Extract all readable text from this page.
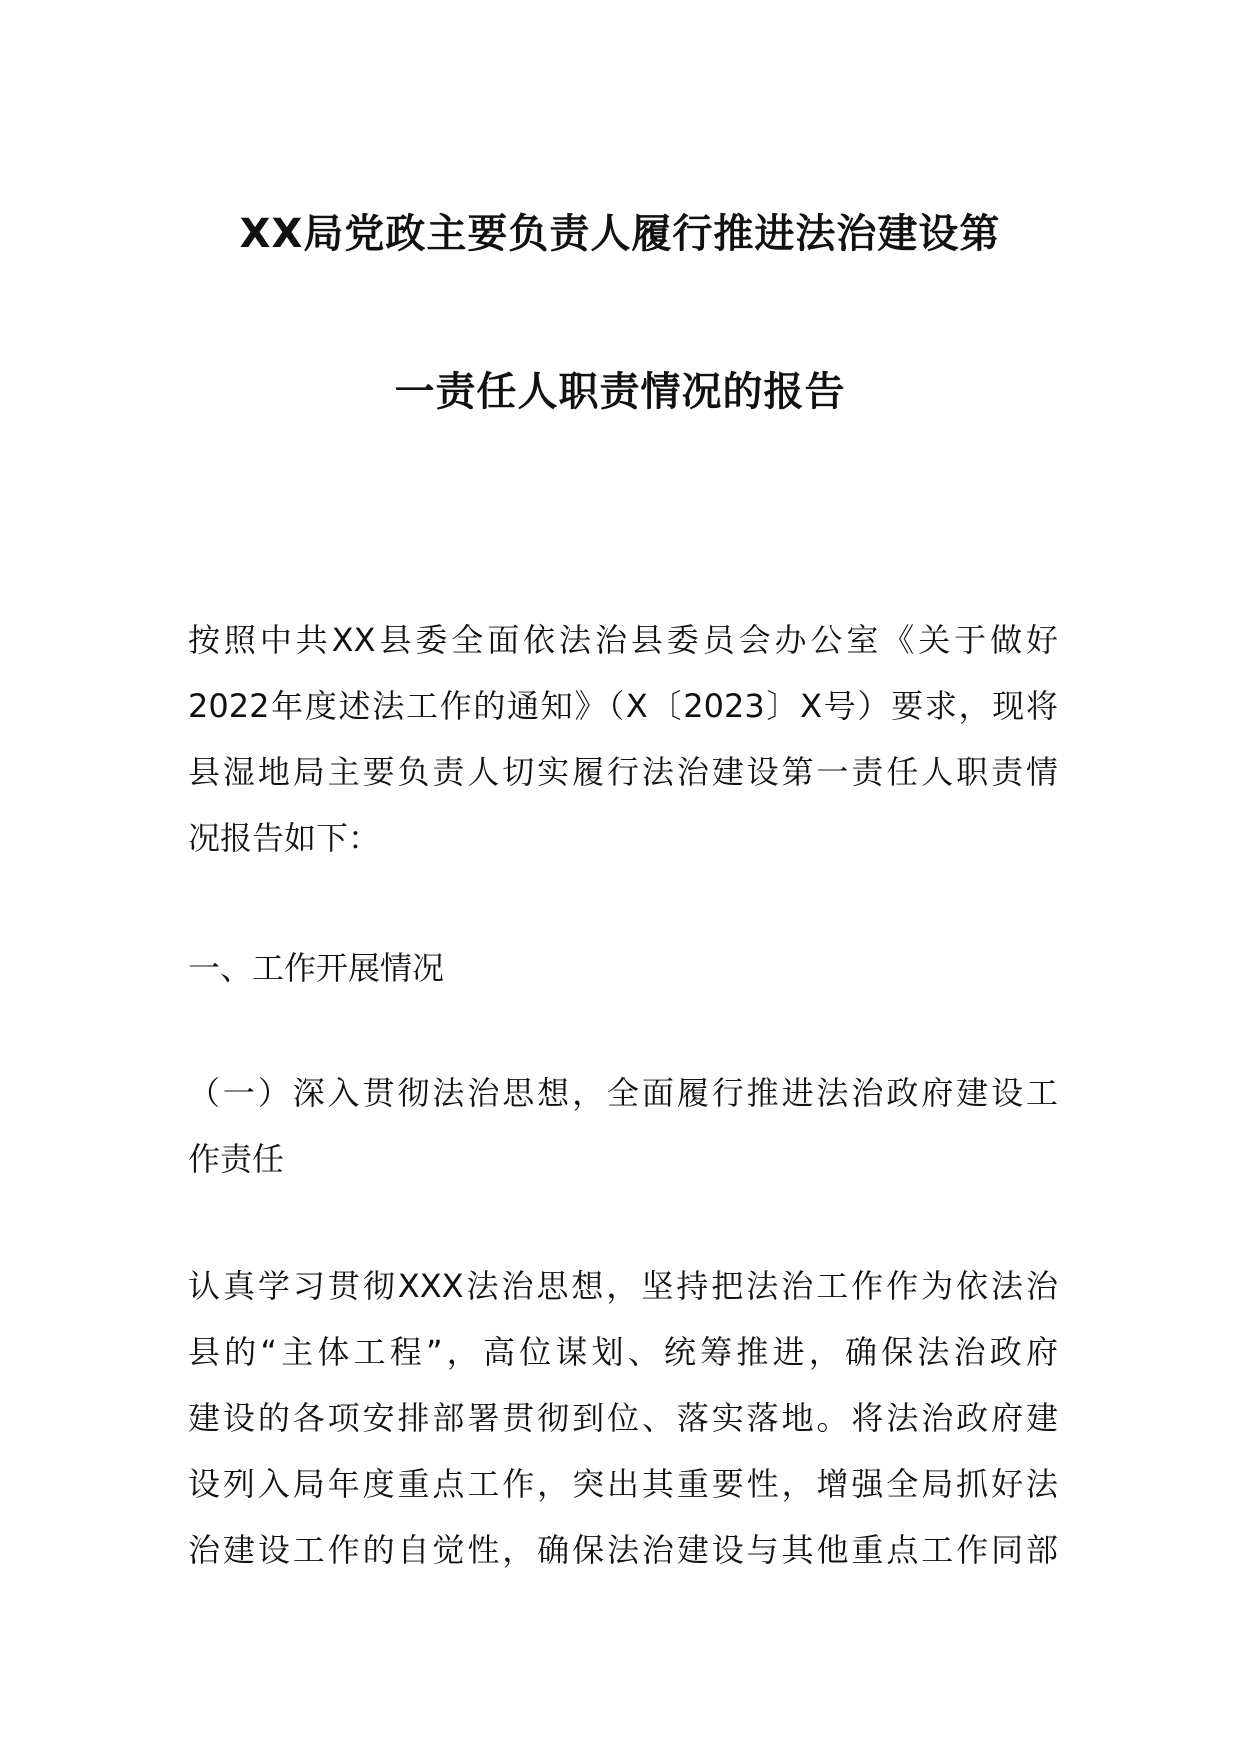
XX局党政主要负责人履行推进法治建设第
一责任人职责情况的报告

按照中共XX县委全面依法治县委员会办公室《关于做好
2022年度述法工作的通知》（X〔2023〕X号）要求，现将
县湿地局主要负责人切实履行法治建设第一责任人职责情
况报告如下：

一、工作开展情况

（一）深入贯彻法治思想，全面履行推进法治政府建设工
作责任

认真学习贯彻XXX法治思想，坚持把法治工作作为依法治
县的“主体工程”，高位谋划、统筹推进，确保法治政府
建设的各项安排部署贯彻到位、落实落地。将法治政府建
设列入局年度重点工作，突出其重要性，增强全局抓好法
治建设工作的自觉性，确保法治建设与其他重点工作同部
